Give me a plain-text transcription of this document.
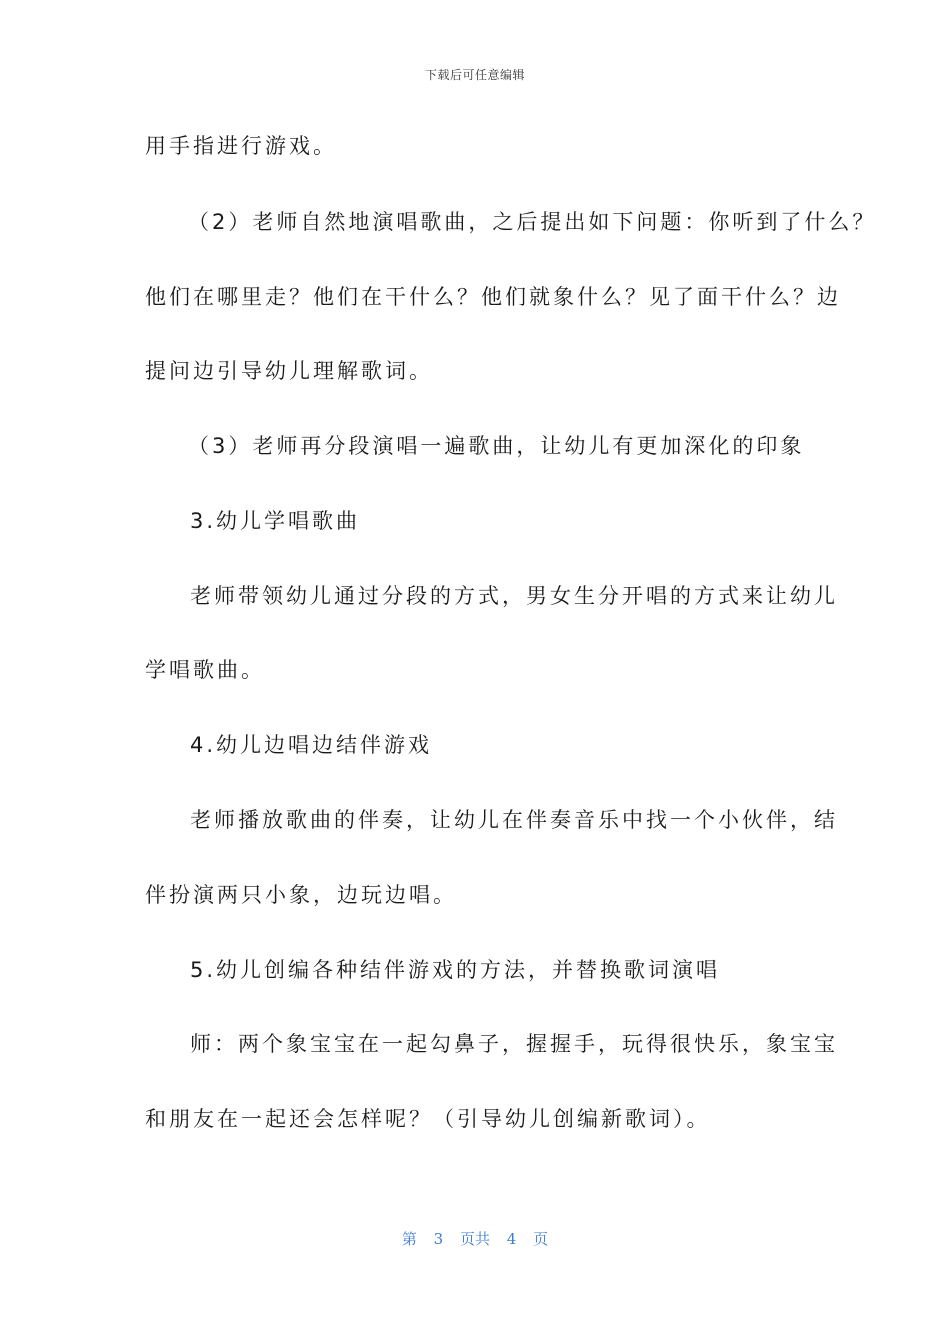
下载后可任意编辑
用手指进行游戏。
（2）老师自然地演唱歌曲，之后提出如下问题：你听到了什么？
他们在哪里走？他们在干什么？他们就象什么？见了面干什么？边
提问边引导幼儿理解歌词。
（3）老师再分段演唱一遍歌曲，让幼儿有更加深化的印象
3.幼儿学唱歌曲
老师带领幼儿通过分段的方式，男女生分开唱的方式来让幼儿
学唱歌曲。
4.幼儿边唱边结伴游戏
老师播放歌曲的伴奏，让幼儿在伴奏音乐中找一个小伙伴，结
伴扮演两只小象，边玩边唱。
5.幼儿创编各种结伴游戏的方法，并替换歌词演唱
师：两个象宝宝在一起勾鼻子，握握手，玩得很快乐，象宝宝
和朋友在一起还会怎样呢？（引导幼儿创编新歌词）。
第 3 页共 4 页
